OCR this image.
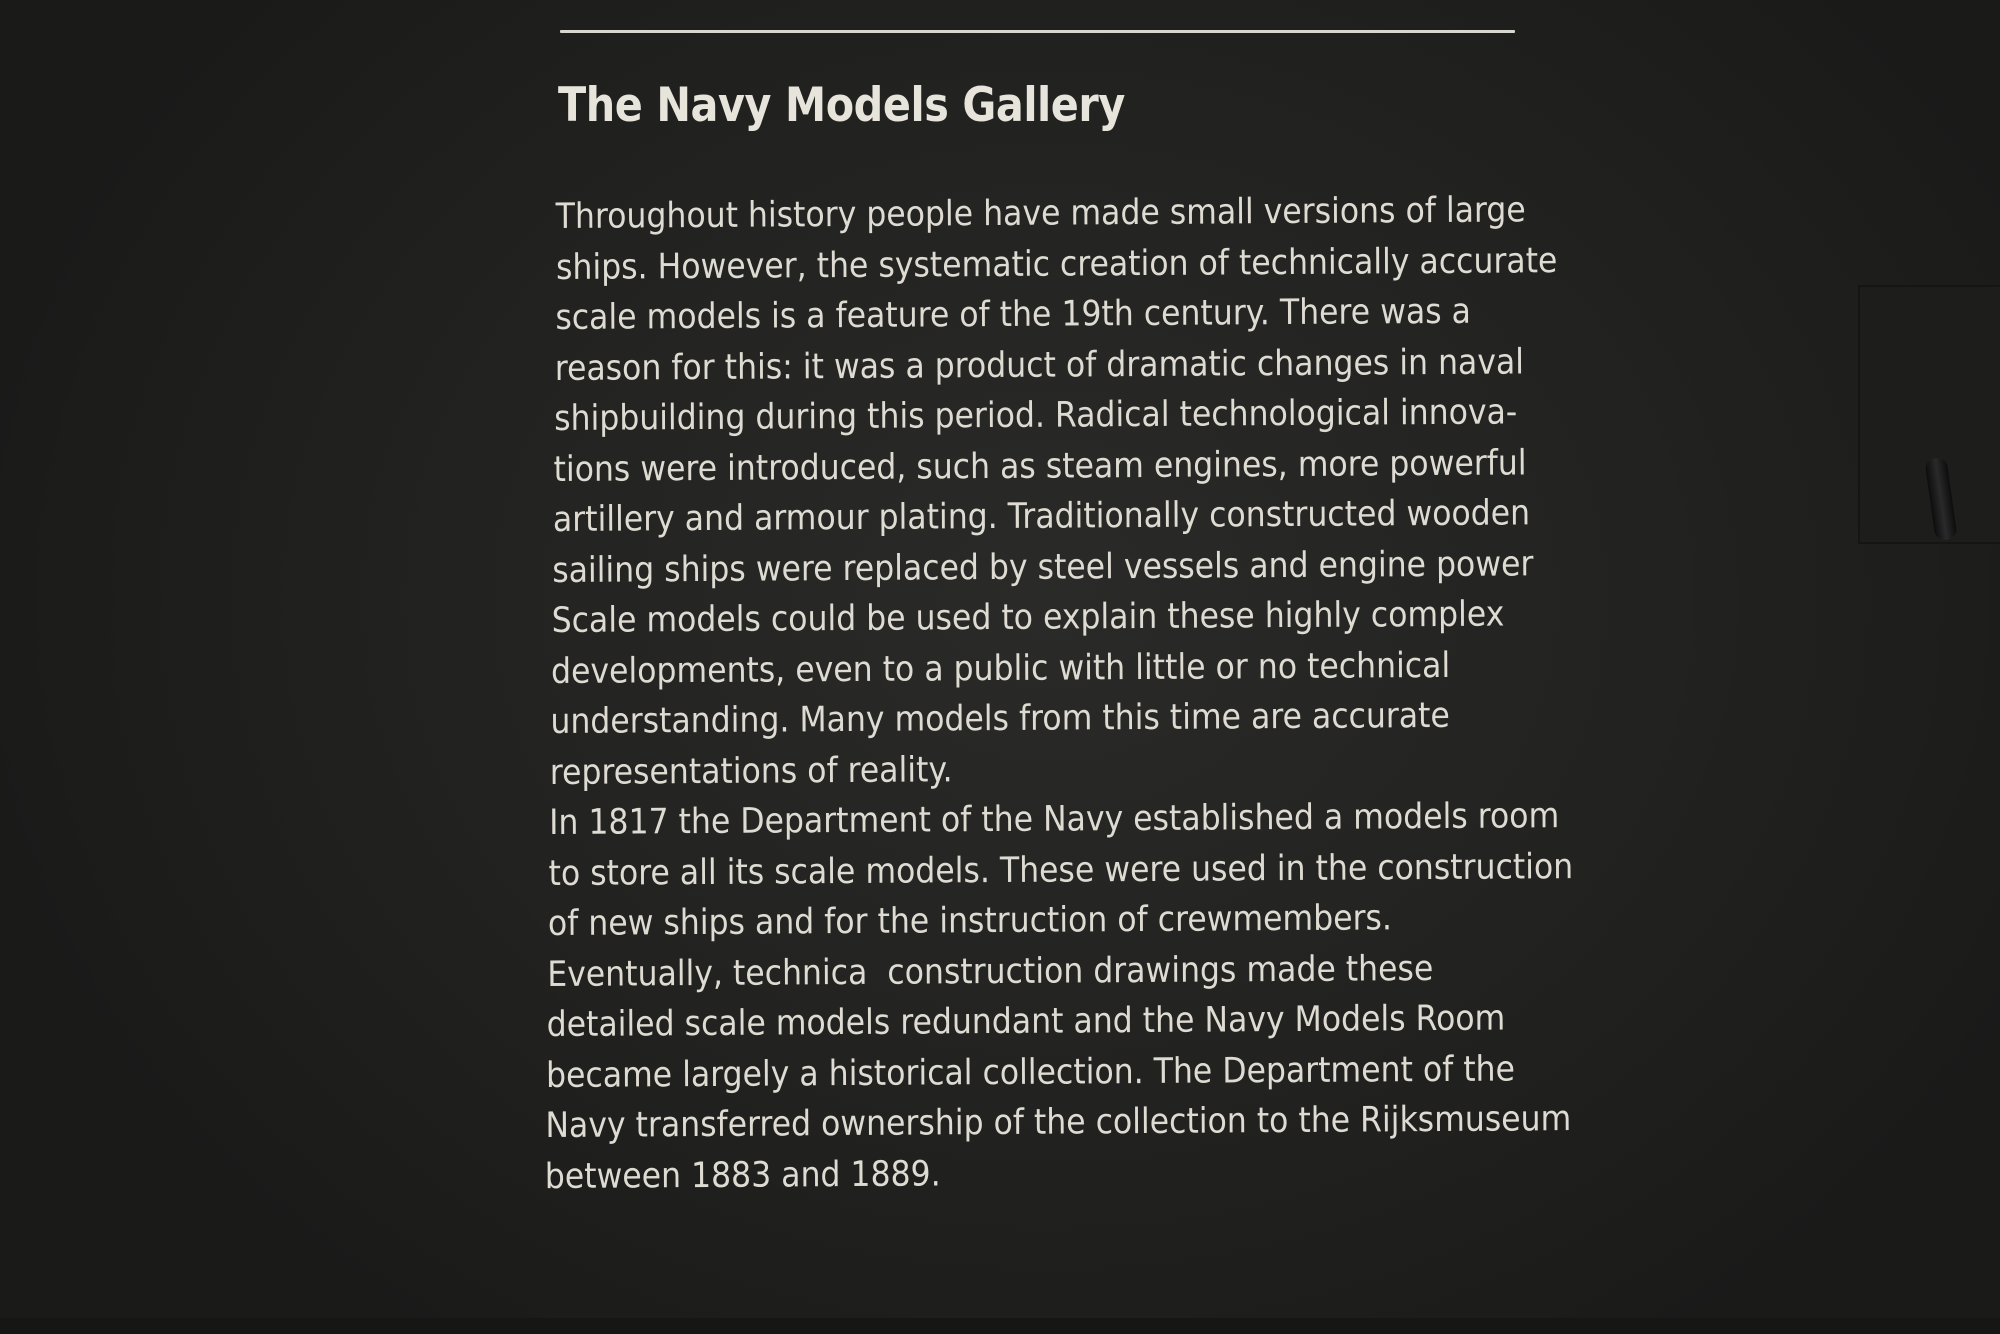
The Navy Models Gallery
Throughout history people have made small versions of large
ships. However, the systematic creation of technically accurate
scale models is a feature of the 19th century. There was a
reason for this: it was a product of dramatic changes in naval
shipbuilding during this period. Radical technological innova-
tions were introduced, such as steam engines, more powerful
artillery and armour plating. Traditionally constructed wooden
sailing ships were replaced by steel vessels and engine power
Scale models could be used to explain these highly complex
developments, even to a public with little or no technical
understanding. Many models from this time are accurate
representations of reality.
In 1817 the Department of the Navy established a models room
to store all its scale models. These were used in the construction
of new ships and for the instruction of crewmembers.
Eventually, technica  construction drawings made these
detailed scale models redundant and the Navy Models Room
became largely a historical collection. The Department of the
Navy transferred ownership of the collection to the Rijksmuseum
between 1883 and 1889.
